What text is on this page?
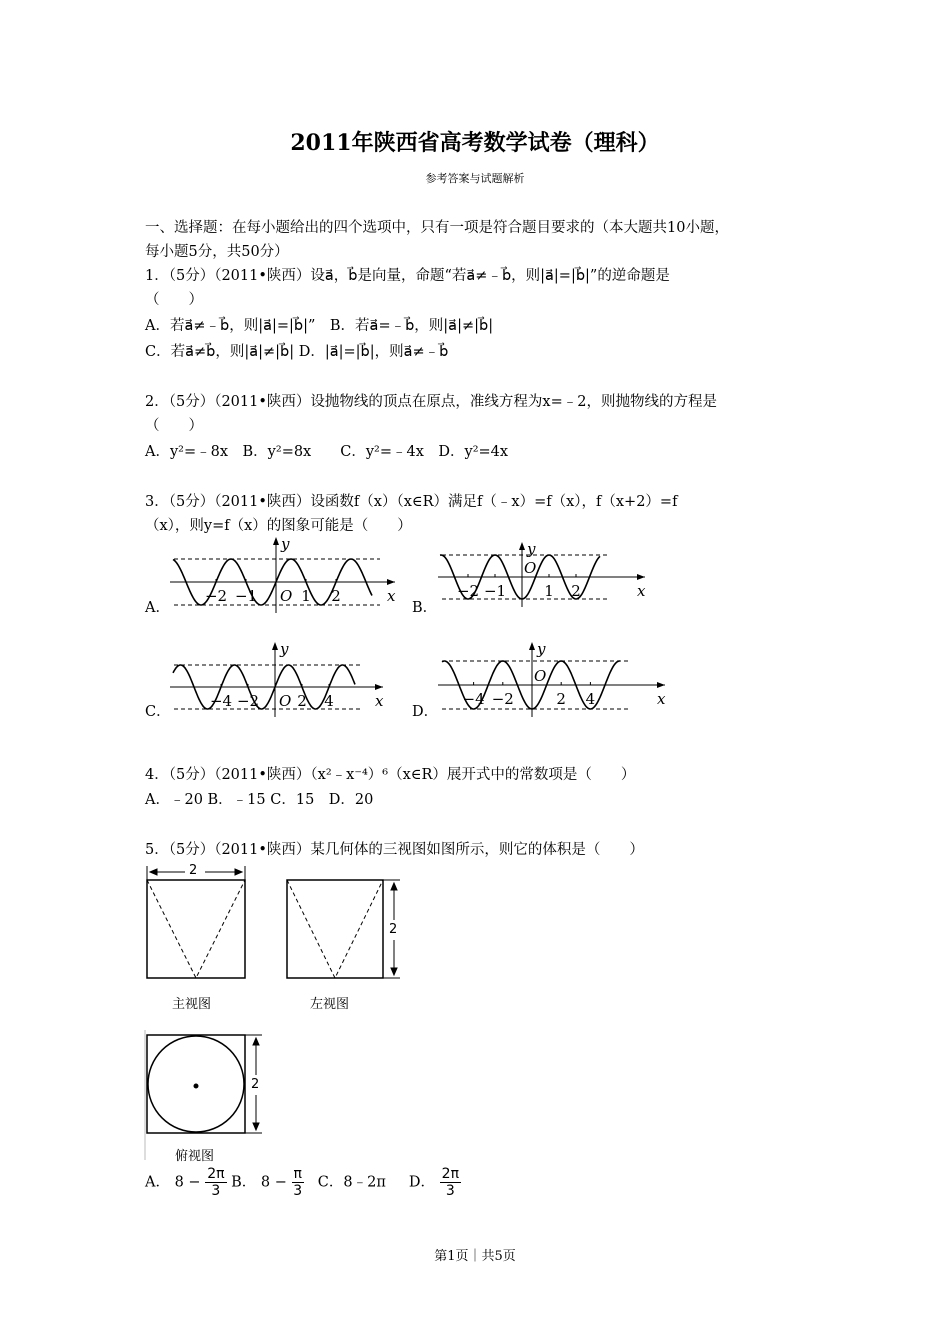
2011年陕西省高考数学试卷（理科）
参考答案与试题解析
一、选择题：在每小题给出的四个选项中，只有一项是符合题目要求的（本大题共10小题，
每小题5分，共50分）
1．（5分）（2011•陕西）设a⃗，b⃗是向量，命题“若a⃗≠﹣b⃗，则|a⃗|=|b⃗|”的逆命题是
（　　）
A．若a⃗≠﹣b⃗，则|a⃗|=|b⃗|”　B．若a⃗=﹣b⃗，则|a⃗|≠|b⃗|
C．若a⃗≠b⃗，则|a⃗|≠|b⃗| D．|a⃗|=|b⃗|，则a⃗≠﹣b⃗
2．（5分）（2011•陕西）设抛物线的顶点在原点，准线方程为x=﹣2，则抛物线的方程是
（　　）
A．y²=﹣8x　B．y²=8x　　C．y²=﹣4x　D．y²=4x
3．（5分）（2011•陕西）设函数f（x）（x∈R）满足f（﹣x）=f（x），f（x+2）=f
（x），则y=f（x）的图象可能是（　　）
A．	B．
C．	D．
−2 −1	1 2
O	x
y
−2 −1	1 2
O
x
y
−4 −2	2 4
O	x
y
−4 −2	2 4
O
x
y
4．（5分）（2011•陕西）（x²﹣x⁻⁴）⁶（x∈R）展开式中的常数项是（　　）
A．﹣20 B．﹣15 C．15　D．20
5．（5分）（2011•陕西）某几何体的三视图如图所示，则它的体积是（　　）
2
2
2
主视图	左视图
俯视图
A． $8 - \frac{2\pi}{3}$ B． $8 - \frac{\pi}{3}$ C．8﹣2π D． $\frac{2\pi}{3}$
第1页｜共5页
